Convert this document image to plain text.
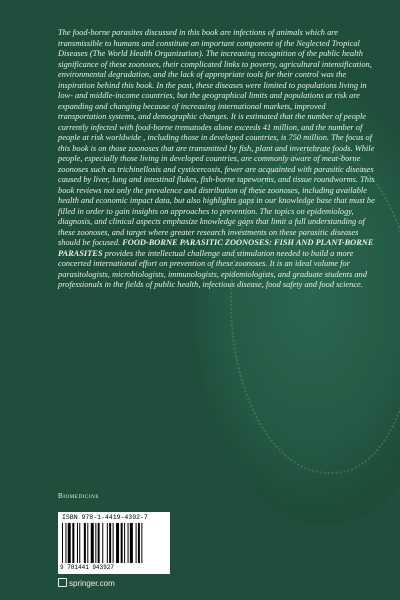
The food-borne parasites discussed in this book are infections of animals which are transmissible to humans and constitute an important component of the Neglected Tropical Diseases (The World Health Organization). The increasing recognition of the public health significance of these zoonoses, their complicated links to poverty, agricultural intensification, environmental degradation, and the lack of appropriate tools for their control was the inspiration behind this book. In the past, these diseases were limited to populations living in low- and middle-income countries, but the geographical limits and populations at risk are expanding and changing because of increasing international markets, improved transportation systems, and demographic changes. It is estimated that the number of people currently infected with food-borne trematodes alone exceeds 41 million, and the number of people at risk worldwide , including those in developed countries, is 750 million. The focus of this book is on those zoonoses that are transmitted by fish, plant and invertebrate foods. While people, especially those living in developed countries, are commonly aware of meat-borne zoonoses such as trichinellosis and cysticercosis, fewer are acquainted with parasitic diseases caused by liver, lung and intestinal flukes, fish-borne tapeworms, and tissue roundworms. This book reviews not only the prevalence and distribution of these zoonoses, including available health and economic impact data, but also highlights gaps in our knowledge base that must be filled in order to gain insights on approaches to prevention. The topics on epidemiology, diagnosis, and clinical aspects emphasize knowledge gaps that limit a full understanding of these zoonoses, and target where greater research investments on these parasitic diseases should be focused. FOOD-BORNE PARASITIC ZOONOSES: FISH AND PLANT-BORNE PARASITES provides the intellectual challenge and stimulation needed to build a more concerted international effort on prevention of these zoonoses. It is an ideal volume for parasitologists, microbiologists, immunologists, epidemiologists, and graduate students and professionals in the fields of public health, infectious disease, food safety and food science.
Biomedicine
ISBN 978-1-4419-4392-7
9 781441 943927
springer.com
